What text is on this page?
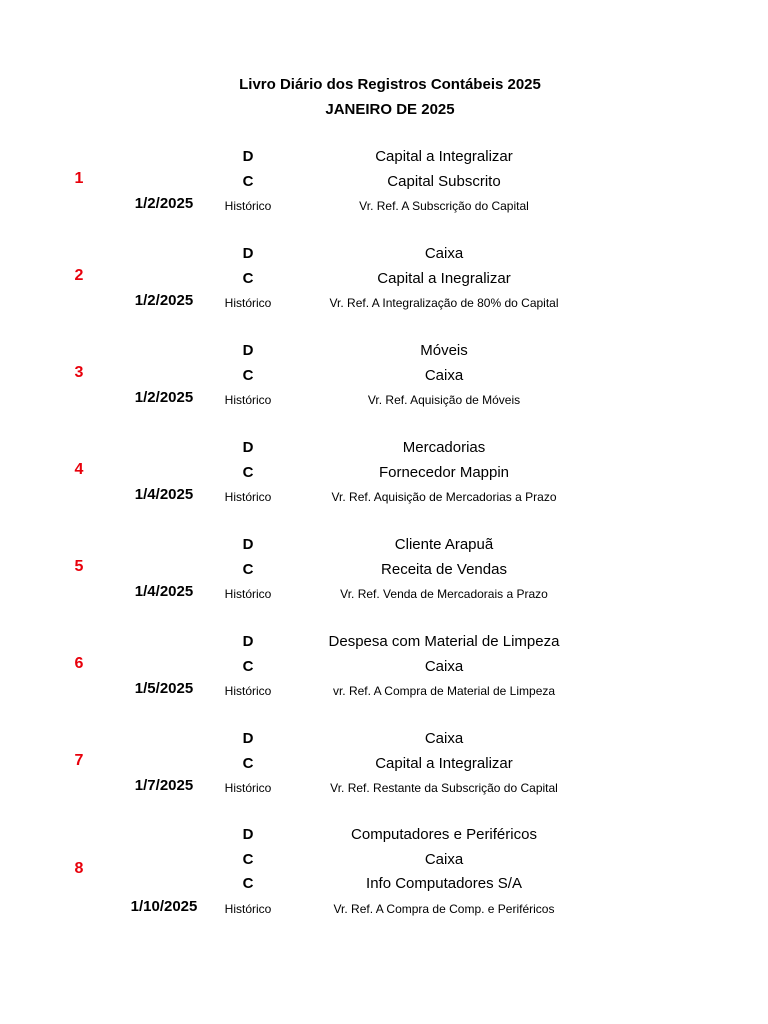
Livro Diário dos Registros Contábeis 2025
JANEIRO DE 2025
D	Capital a Integralizar
C	Capital Subscrito
1/2/2025	Histórico	Vr. Ref. A Subscrição do Capital
1
D	Caixa
C	Capital a Inegralizar
1/2/2025	Histórico	Vr. Ref. A Integralização de 80% do Capital
2
D	Móveis
C	Caixa
1/2/2025	Histórico	Vr. Ref. Aquisição de Móveis
3
D	Mercadorias
C	Fornecedor Mappin
1/4/2025	Histórico	Vr. Ref. Aquisição de Mercadorias a Prazo
4
D	Cliente Arapuã
C	Receita de Vendas
1/4/2025	Histórico	Vr. Ref. Venda de Mercadorais a Prazo
5
D	Despesa com Material de Limpeza
C	Caixa
1/5/2025	Histórico	vr. Ref. A Compra de Material de Limpeza
6
D	Caixa
C	Capital a Integralizar
1/7/2025	Histórico	Vr. Ref. Restante da Subscrição do Capital
7
D	Computadores e Periféricos
C	Caixa
C	Info Computadores S/A
1/10/2025	Histórico	Vr. Ref. A Compra de Comp. e Periféricos
8
